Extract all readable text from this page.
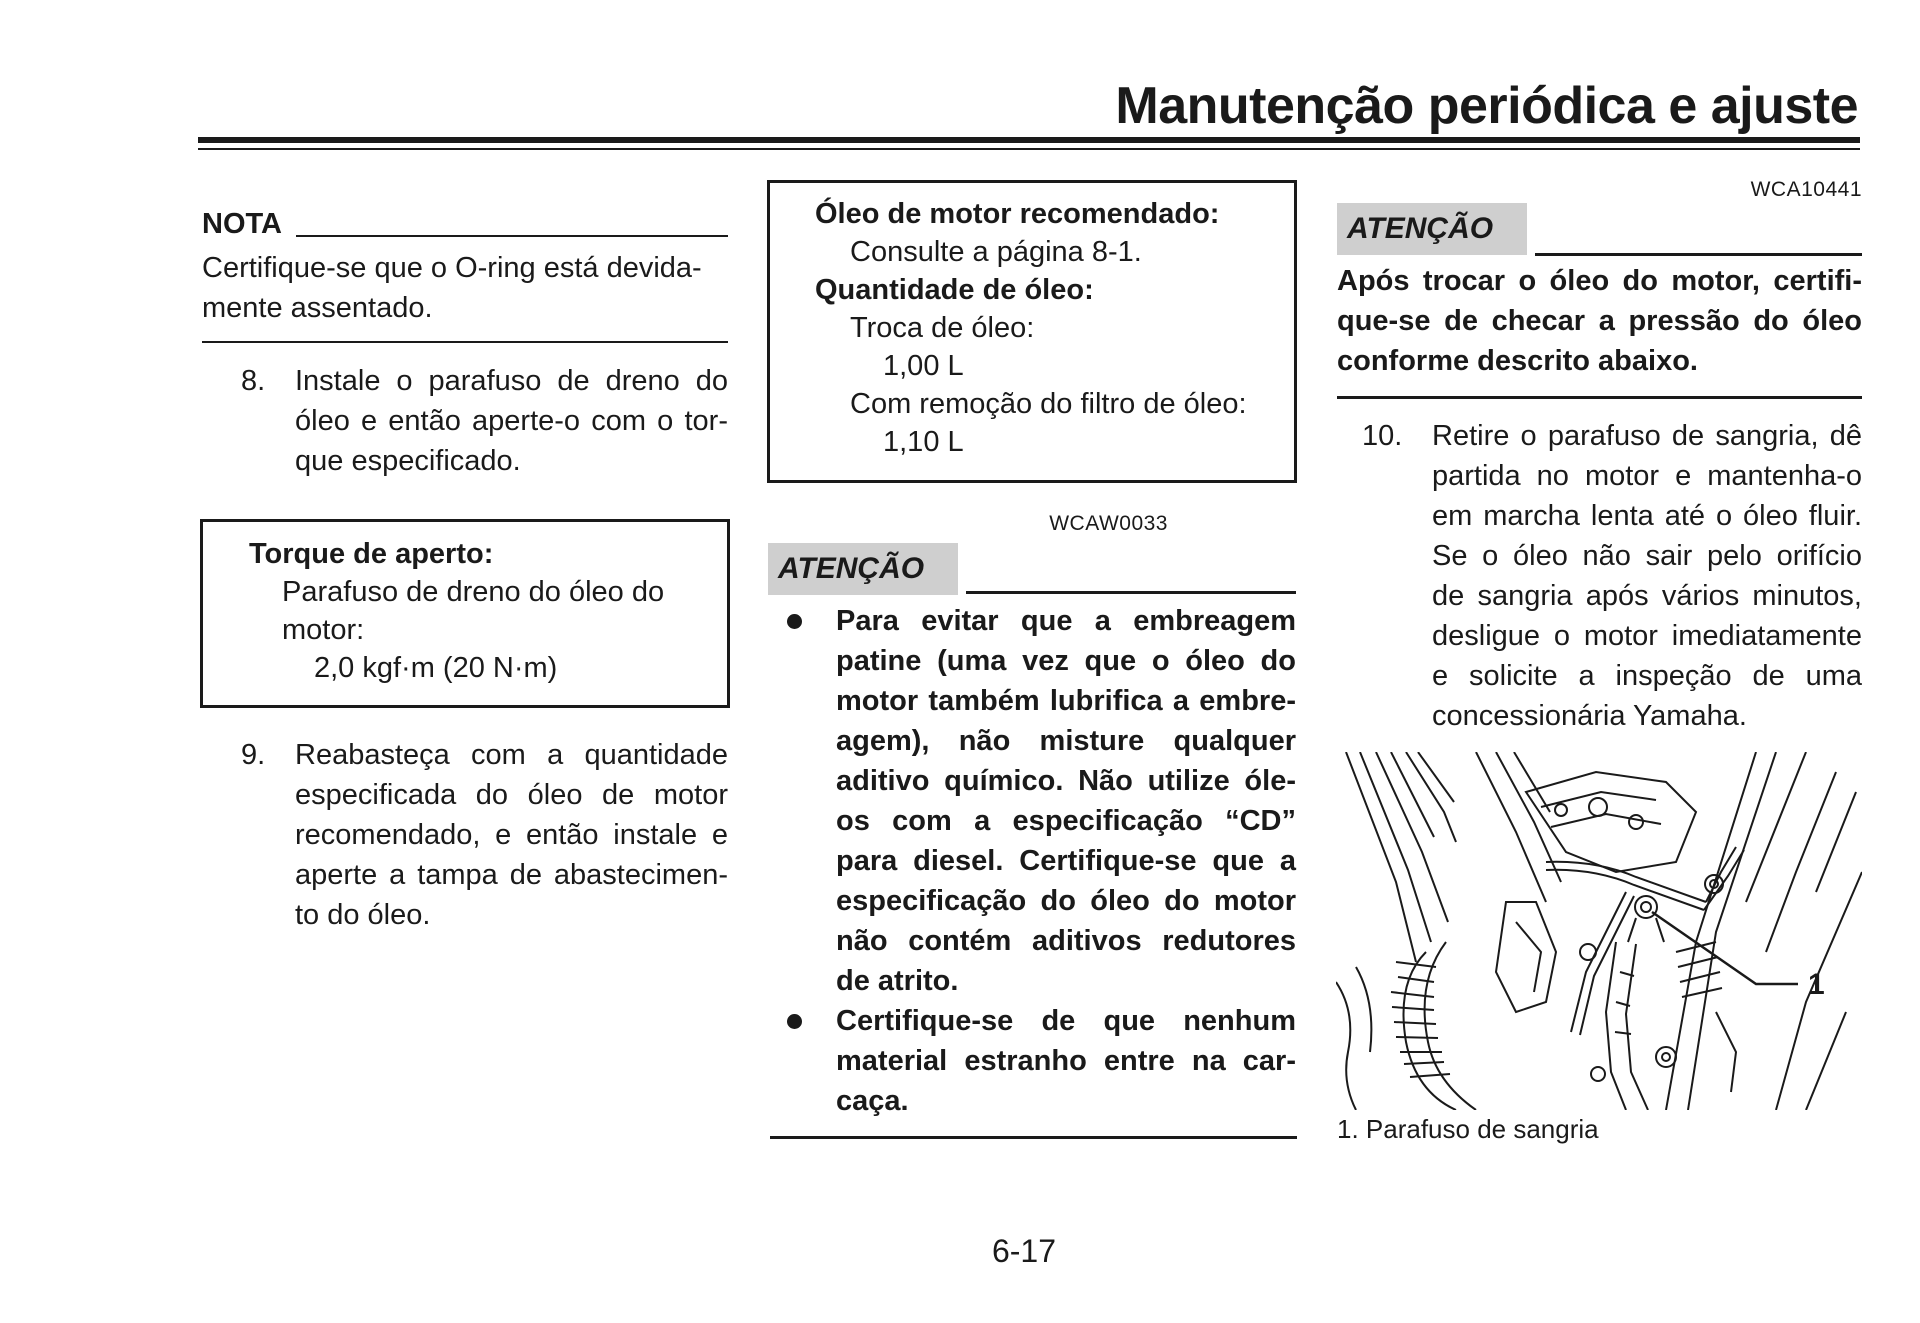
Manutenção periódica e ajuste
NOTA
Certifique-se que o O-ring está devida-mente assentado.
8. Instale o parafuso de dreno do óleo e então aperte-o com o tor-que especificado.
Torque de aperto:
Parafuso de dreno do óleo do motor:
2,0 kgf·m (20 N·m)
9. Reabasteça com a quantidade especificada do óleo de motor recomendado, e então instale e aperte a tampa de abastecimen-to do óleo.
Óleo de motor recomendado:
Consulte a página 8-1.
Quantidade de óleo:
Troca de óleo:
1,00 L
Com remoção do filtro de óleo:
1,10 L
WCAW0033
ATENÇÃO
Para evitar que a embreagem patine (uma vez que o óleo do motor também lubrifica a embre-agem), não misture qualquer aditivo químico. Não utilize óle-os com a especificação “CD” para diesel. Certifique-se que a especificação do óleo do motor não contém aditivos redutores de atrito.
Certifique-se de que nenhum material estranho entre na car-caça.
WCA10441
ATENÇÃO
Após trocar o óleo do motor, certifi-que-se de checar a pressão do óleo conforme descrito abaixo.
10. Retire o parafuso de sangria, dê partida no motor e mantenha-o em marcha lenta até o óleo fluir. Se o óleo não sair pelo orifício de sangria após vários minutos, desligue o motor imediatamente e solicite a inspeção de uma concessionária Yamaha.
1
1. Parafuso de sangria
6-17
